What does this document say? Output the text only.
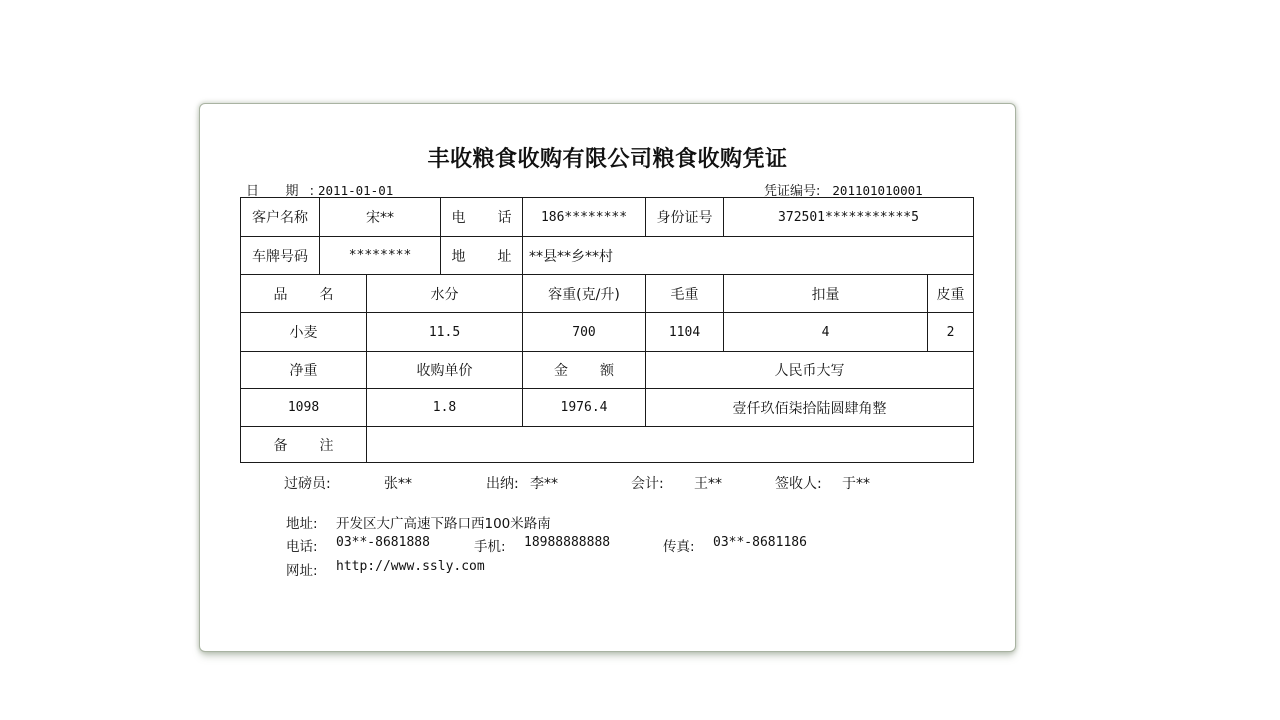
丰收粮食收购有限公司粮食收购凭证
日 期: 2011-01-01	凭证编号: 201101010001
客户名称	宋**		电 话	186********	身份证号	372501***********5	
车牌号码	********		地 址	**县**乡**村			
品 名		水分		容重(克/升)	毛重	扣量	皮重
小麦		11.5		700	1104	4	2
净重		收购单价		金 额	人民币大写		
1098		1.8		1976.4	壹仟玖佰柒拾陆圆肆角整		
备 注							
过磅员:	张**	出纳: 李**	会计: 王**	签收人: 于**
地址: 开发区大广高速下路口西100米路南
电话: 03**-8681888	手机: 18988888888	传真: 03**-8681186
网址: http://www.ssly.com
